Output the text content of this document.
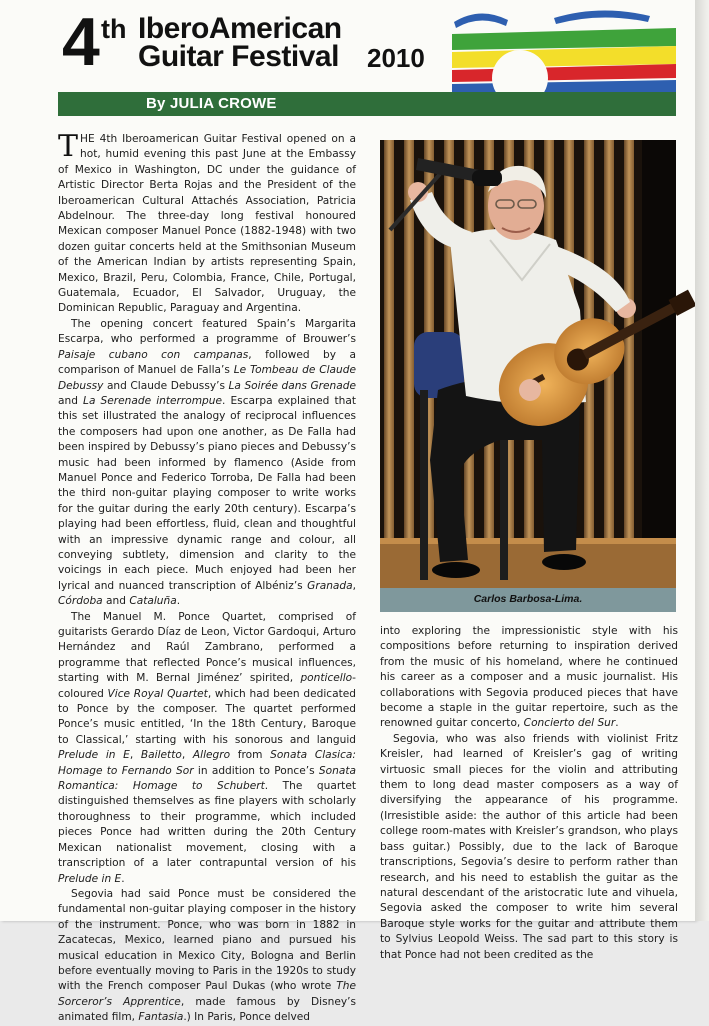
4 th IberoAmerican
Guitar Festival 2010
By JULIA CROWE

THE 4th Iberoamerican Guitar Festival opened on a hot, humid evening this past June at the Embassy of Mexico in Washington, DC under the guidance of Artistic Director Berta Rojas and the President of the Iberoamerican Cultural Attachés Association, Patricia Abdelnour. The three-day long festival honoured Mexican composer Manuel Ponce (1882-1948) with two dozen guitar concerts held at the Smithsonian Museum of the American Indian by artists representing Spain, Mexico, Brazil, Peru, Colombia, France, Chile, Portugal, Guatemala, Ecuador, El Salvador, Uruguay, the Dominican Republic, Paraguay and Argentina.

The opening concert featured Spain’s Margarita Escarpa, who performed a programme of Brouwer’s Paisaje cubano con campanas, followed by a comparison of Manuel de Falla’s Le Tombeau de Claude Debussy and Claude Debussy’s La Soirée dans Grenade and La Serenade interrompue. Escarpa explained that this set illustrated the analogy of reciprocal influences the composers had upon one another, as De Falla had been inspired by Debussy’s piano pieces and Debussy’s music had been informed by flamenco (Aside from Manuel Ponce and Federico Torroba, De Falla had been the third non-guitar playing composer to write works for the guitar during the early 20th century). Escarpa’s playing had been effortless, fluid, clean and thoughtful with an impressive dynamic range and colour, all conveying subtlety, dimension and clarity to the voicings in each piece. Much enjoyed had been her lyrical and nuanced transcription of Albéniz’s Granada, Córdoba and Cataluña.

The Manuel M. Ponce Quartet, comprised of guitarists Gerardo Díaz de Leon, Victor Gardoqui, Arturo Hernández and Raúl Zambrano, performed a programme that reflected Ponce’s musical influences, starting with M. Bernal Jiménez’ spirited, ponticello-coloured Vice Royal Quartet, which had been dedicated to Ponce by the composer. The quartet performed Ponce’s music entitled, ‘In the 18th Century, Baroque to Classical,’ starting with his sonorous and languid Prelude in E, Bailetto, Allegro from Sonata Clasica: Homage to Fernando Sor in addition to Ponce’s Sonata Romantica: Homage to Schubert. The quartet distinguished themselves as fine players with scholarly thoroughness to their programme, which included pieces Ponce had written during the 20th Century Mexican nationalist movement, closing with a transcription of a later contrapuntal version of his Prelude in E.

Segovia had said Ponce must be considered the fundamental non-guitar playing composer in the history of the instrument. Ponce, who was born in 1882 in Zacatecas, Mexico, learned piano and pursued his musical education in Mexico City, Bologna and Berlin before eventually moving to Paris in the 1920s to study with the French composer Paul Dukas (who wrote The Sorceror’s Apprentice, made famous by Disney’s animated film, Fantasia.) In Paris, Ponce delved

Carlos Barbosa-Lima.

into exploring the impressionistic style with his compositions before returning to inspiration derived from the music of his homeland, where he continued his career as a composer and a music journalist. His collaborations with Segovia produced pieces that have become a staple in the guitar repertoire, such as the renowned guitar concerto, Concierto del Sur.

Segovia, who was also friends with violinist Fritz Kreisler, had learned of Kreisler’s gag of writing virtuosic small pieces for the violin and attributing them to long dead master composers as a way of diversifying the appearance of his programme. (Irresistible aside: the author of this article had been college room-mates with Kreisler’s grandson, who plays bass guitar.) Possibly, due to the lack of Baroque transcriptions, Segovia’s desire to perform rather than research, and his need to establish the guitar as the natural descendant of the aristocratic lute and vihuela, Segovia asked the composer to write him several Baroque style works for the guitar and attribute them to Sylvius Leopold Weiss. The sad part to this story is that Ponce had not been credited as the
